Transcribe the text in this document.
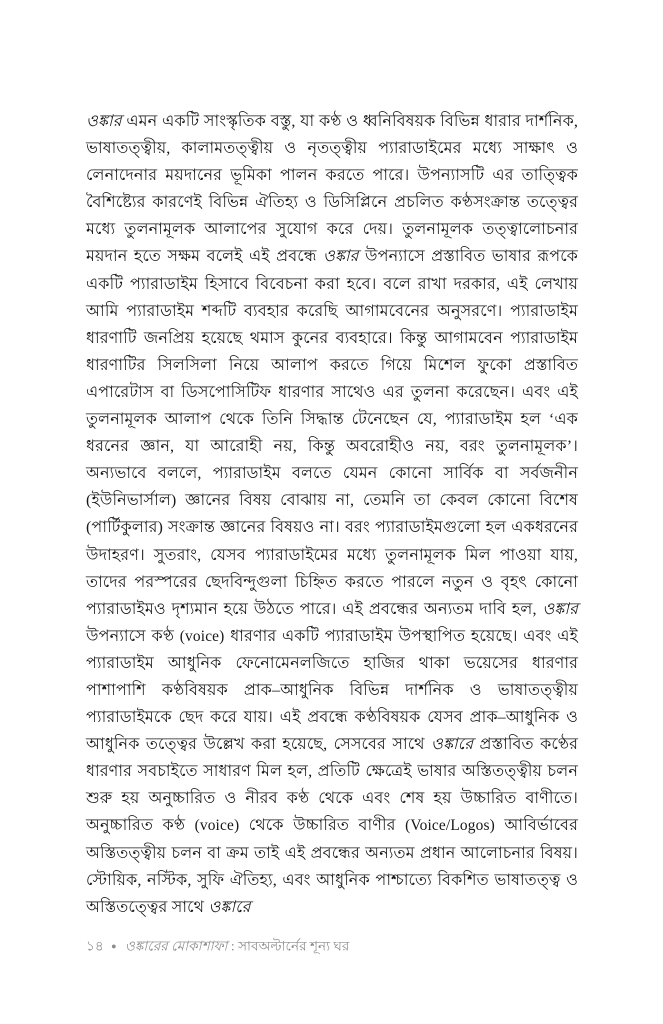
ওঙ্কার এমন একটি সাংস্কৃতিক বস্তু, যা কণ্ঠ ও ধ্বনিবিষয়ক বিভিন্ন ধারার দার্শনিক, ভাষাতত্ত্বীয়, কালামতত্ত্বীয় ও নৃতত্ত্বীয় প্যারাডাইমের মধ্যে সাক্ষাৎ ও লেনাদেনার ময়দানের ভূমিকা পালন করতে পারে। উপন্যাসটি এর তাত্ত্বিক বৈশিষ্ট্যের কারণেই বিভিন্ন ঐতিহ্য ও ডিসিপ্লিনে প্রচলিত কণ্ঠসংক্রান্ত তত্ত্বের মধ্যে তুলনামূলক আলাপের সুযোগ করে দেয়। তুলনামূলক তত্ত্বালোচনার ময়দান হতে সক্ষম বলেই এই প্রবন্ধে ওঙ্কার উপন্যাসে প্রস্তাবিত ভাষার রূপকে একটি প্যারাডাইম হিসাবে বিবেচনা করা হবে। বলে রাখা দরকার, এই লেখায় আমি প্যারাডাইম শব্দটি ব্যবহার করেছি আগামবেনের অনুসরণে। প্যারাডাইম ধারণাটি জনপ্রিয় হয়েছে থমাস কুনের ব্যবহারে। কিন্তু আগামবেন প্যারাডাইম ধারণাটির সিলসিলা নিয়ে আলাপ করতে গিয়ে মিশেল ফুকো প্রস্তাবিত এপারেটাস বা ডিসপোসিটিফ ধারণার সাথেও এর তুলনা করেছেন। এবং এই তুলনামূলক আলাপ থেকে তিনি সিদ্ধান্ত টেনেছেন যে, প্যারাডাইম হল ‘এক ধরনের জ্ঞান, যা আরোহী নয়, কিন্তু অবরোহীও নয়, বরং তুলনামূলক’। অন্যভাবে বললে, প্যারাডাইম বলতে যেমন কোনো সার্বিক বা সর্বজনীন (ইউনিভার্সাল) জ্ঞানের বিষয় বোঝায় না, তেমনি তা কেবল কোনো বিশেষ (পার্টিকুলার) সংক্রান্ত জ্ঞানের বিষয়ও না। বরং প্যারাডাইমগুলো হল একধরনের উদাহরণ। সুতরাং, যেসব প্যারাডাইমের মধ্যে তুলনামূলক মিল পাওয়া যায়, তাদের পরস্পরের ছেদবিন্দুগুলা চিহ্নিত করতে পারলে নতুন ও বৃহৎ কোনো প্যারাডাইমও দৃশ্যমান হয়ে উঠতে পারে। এই প্রবন্ধের অন্যতম দাবি হল, ওঙ্কার উপন্যাসে কণ্ঠ (voice) ধারণার একটি প্যারাডাইম উপস্থাপিত হয়েছে। এবং এই প্যারাডাইম আধুনিক ফেনোমেনলজিতে হাজির থাকা ভয়েসের ধারণার পাশাপাশি কণ্ঠবিষয়ক প্রাক–আধুনিক বিভিন্ন দার্শনিক ও ভাষাতত্ত্বীয় প্যারাডাইমকে ছেদ করে যায়। এই প্রবন্ধে কণ্ঠবিষয়ক যেসব প্রাক–আধুনিক ও আধুনিক তত্ত্বের উল্লেখ করা হয়েছে, সেসবের সাথে ওঙ্কারে প্রস্তাবিত কণ্ঠের ধারণার সবচাইতে সাধারণ মিল হল, প্রতিটি ক্ষেত্রেই ভাষার অস্তিতত্ত্বীয় চলন শুরু হয় অনুচ্চারিত ও নীরব কণ্ঠ থেকে এবং শেষ হয় উচ্চারিত বাণীতে। অনুচ্চারিত কণ্ঠ (voice) থেকে উচ্চারিত বাণীর (Voice/Logos) আবির্ভাবের অস্তিতত্ত্বীয় চলন বা ক্রম তাই এই প্রবন্ধের অন্যতম প্রধান আলোচনার বিষয়। স্টোয়িক, নস্টিক, সুফি ঐতিহ্য, এবং আধুনিক পাশ্চাত্যে বিকশিত ভাষাতত্ত্ব ও অস্তিতত্ত্বের সাথে ওঙ্কারে

১৪ ● ওঙ্কারের মোকাশাফা : সাবঅল্টার্নের শূন্য ঘর
